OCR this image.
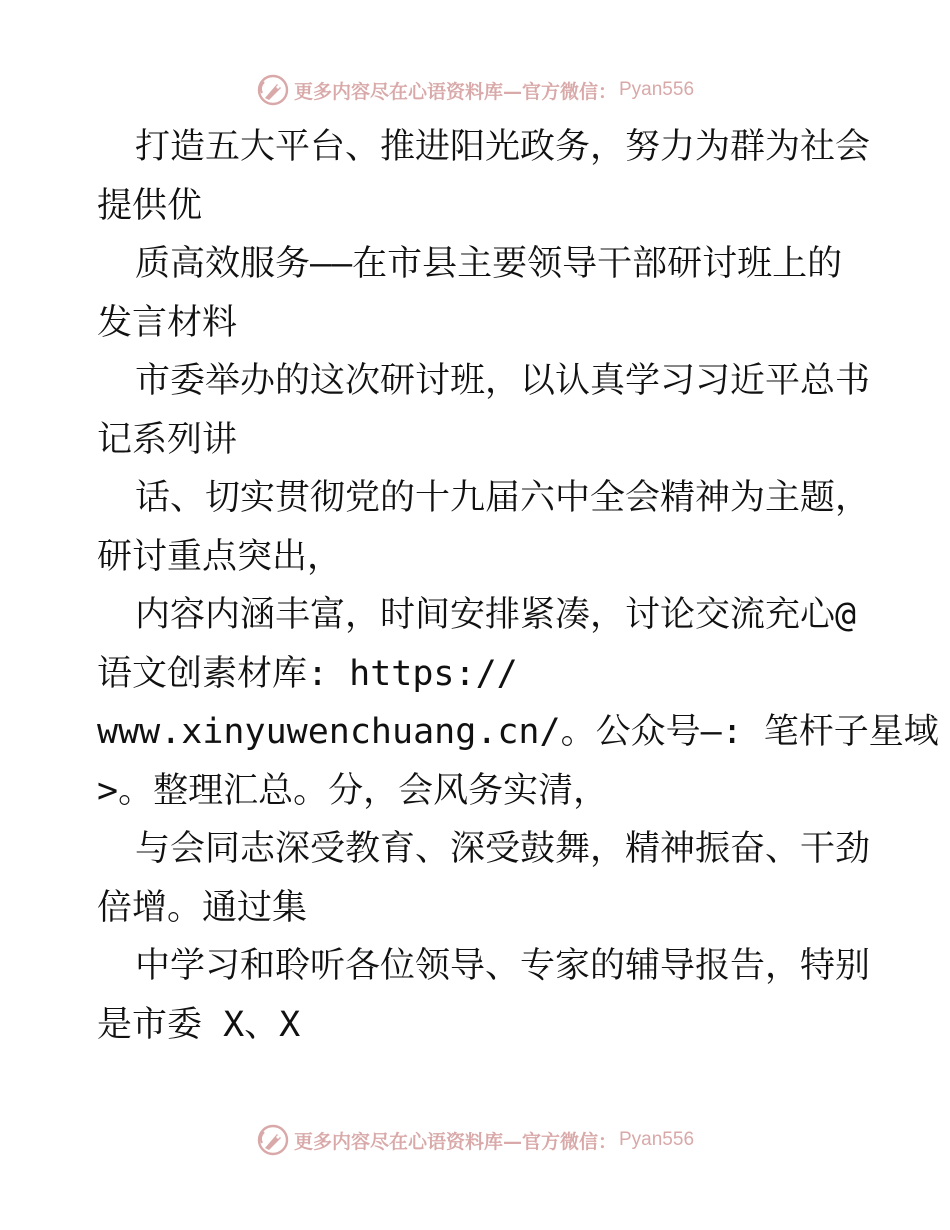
更多内容尽在心语资料库—官方微信： Pyan556
打造五大平台、推进阳光政务，努力为群为社会
提供优
质高效服务——在市县主要领导干部研讨班上的
发言材料
市委举办的这次研讨班，以认真学习习近平总书
记系列讲
话、切实贯彻党的十九届六中全会精神为主题，
研讨重点突出，
内容内涵丰富，时间安排紧凑，讨论交流充心@
语文创素材库: https://
www.xinyuwenchuang.cn/。公众号—: 笔杆子星域
>。整理汇总。分，会风务实清，
与会同志深受教育、深受鼓舞，精神振奋、干劲
倍增。通过集
中学习和聆听各位领导、专家的辅导报告，特别
是市委 X、X
更多内容尽在心语资料库—官方微信： Pyan556
